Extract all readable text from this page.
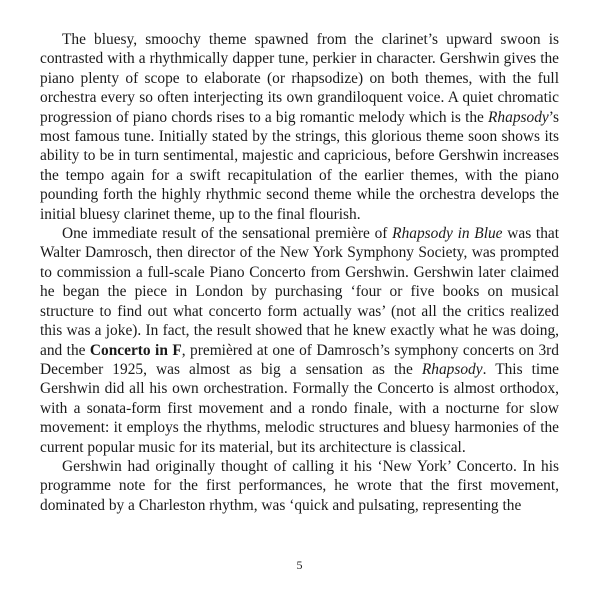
The bluesy, smoochy theme spawned from the clarinet’s upward swoon is contrasted with a rhythmically dapper tune, perkier in character. Gershwin gives the piano plenty of scope to elaborate (or rhapsodize) on both themes, with the full orchestra every so often interjecting its own grandiloquent voice. A quiet chromatic progression of piano chords rises to a big romantic melody which is the Rhapsody’s most famous tune. Initially stated by the strings, this glorious theme soon shows its ability to be in turn sentimental, majestic and capricious, before Gershwin increases the tempo again for a swift recapitulation of the earlier themes, with the piano pounding forth the highly rhythmic second theme while the orchestra develops the initial bluesy clarinet theme, up to the final flourish.

One immediate result of the sensational première of Rhapsody in Blue was that Walter Damrosch, then director of the New York Symphony Society, was prompted to commission a full-scale Piano Concerto from Gershwin. Gershwin later claimed he began the piece in London by purchasing ‘four or five books on musical structure to find out what concerto form actually was’ (not all the critics realized this was a joke). In fact, the result showed that he knew exactly what he was doing, and the Concerto in F, premièred at one of Damrosch’s symphony concerts on 3rd December 1925, was almost as big a sensation as the Rhapsody. This time Gershwin did all his own orchestration. Formally the Concerto is almost orthodox, with a sonata-form first movement and a rondo finale, with a nocturne for slow movement: it employs the rhythms, melodic structures and bluesy harmonies of the current popular music for its material, but its architecture is classical.

Gershwin had originally thought of calling it his ‘New York’ Concerto. In his programme note for the first performances, he wrote that the first movement, dominated by a Charleston rhythm, was ‘quick and pulsating, representing the

5
